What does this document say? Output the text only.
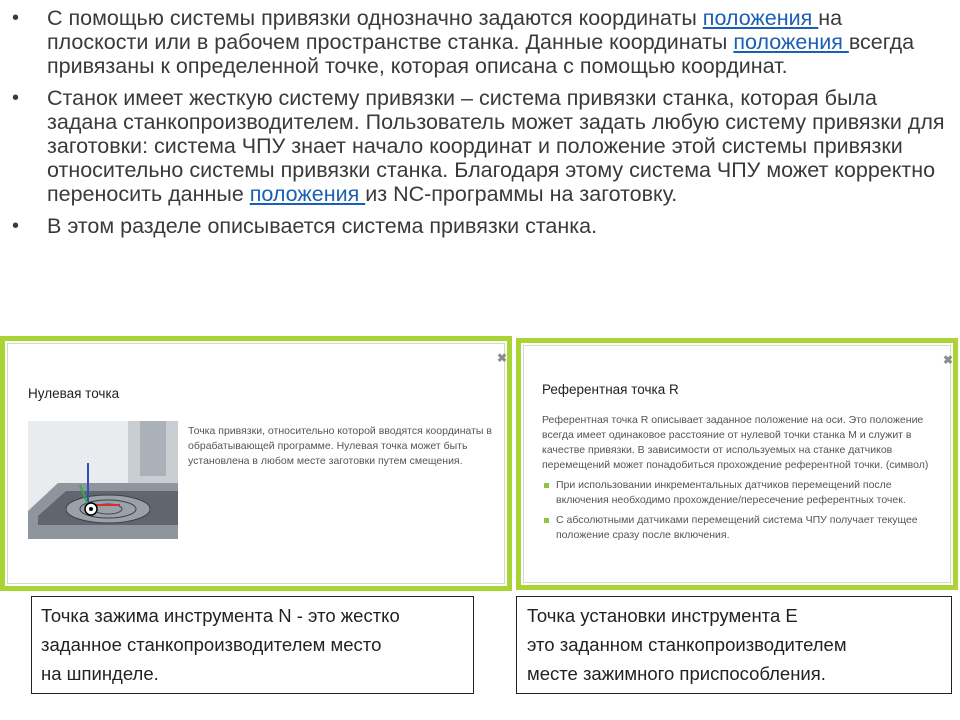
• С помощью системы привязки однозначно задаются координаты положения на плоскости или в рабочем пространстве станка. Данные координаты положения всегда привязаны к определенной точке, которая описана с помощью координат.
• Станок имеет жесткую систему привязки – система привязки станка, которая была задана станкопроизводителем. Пользователь может задать любую систему привязки для заготовки: система ЧПУ знает начало координат и положение этой системы привязки относительно системы привязки станка. Благодаря этому система ЧПУ может корректно переносить данные положения из NC-программы на заготовку.
• В этом разделе описывается система привязки станка.
✖
Нулевая точка
Точка привязки, относительно которой вводятся координаты в обрабатывающей программе. Нулевая точка может быть установлена в любом месте заготовки путем смещения.
✖
Референтная точка R
Референтная точка R описывает заданное положение на оси. Это положение всегда имеет одинаковое расстояние от нулевой точки станка M и служит в качестве привязки. В зависимости от используемых на станке датчиков перемещений может понадобиться прохождение референтной точки. (символ)
При использовании инкрементальных датчиков перемещений после включения необходимо прохождение/пересечение референтных точек.
С абсолютными датчиками перемещений система ЧПУ получает текущее положение сразу после включения.
Точка зажима инструмента N - это жестко
заданное станкопроизводителем место
на шпинделе.
Точка установки инструмента E
это заданном станкопроизводителем
месте зажимного приспособления.
